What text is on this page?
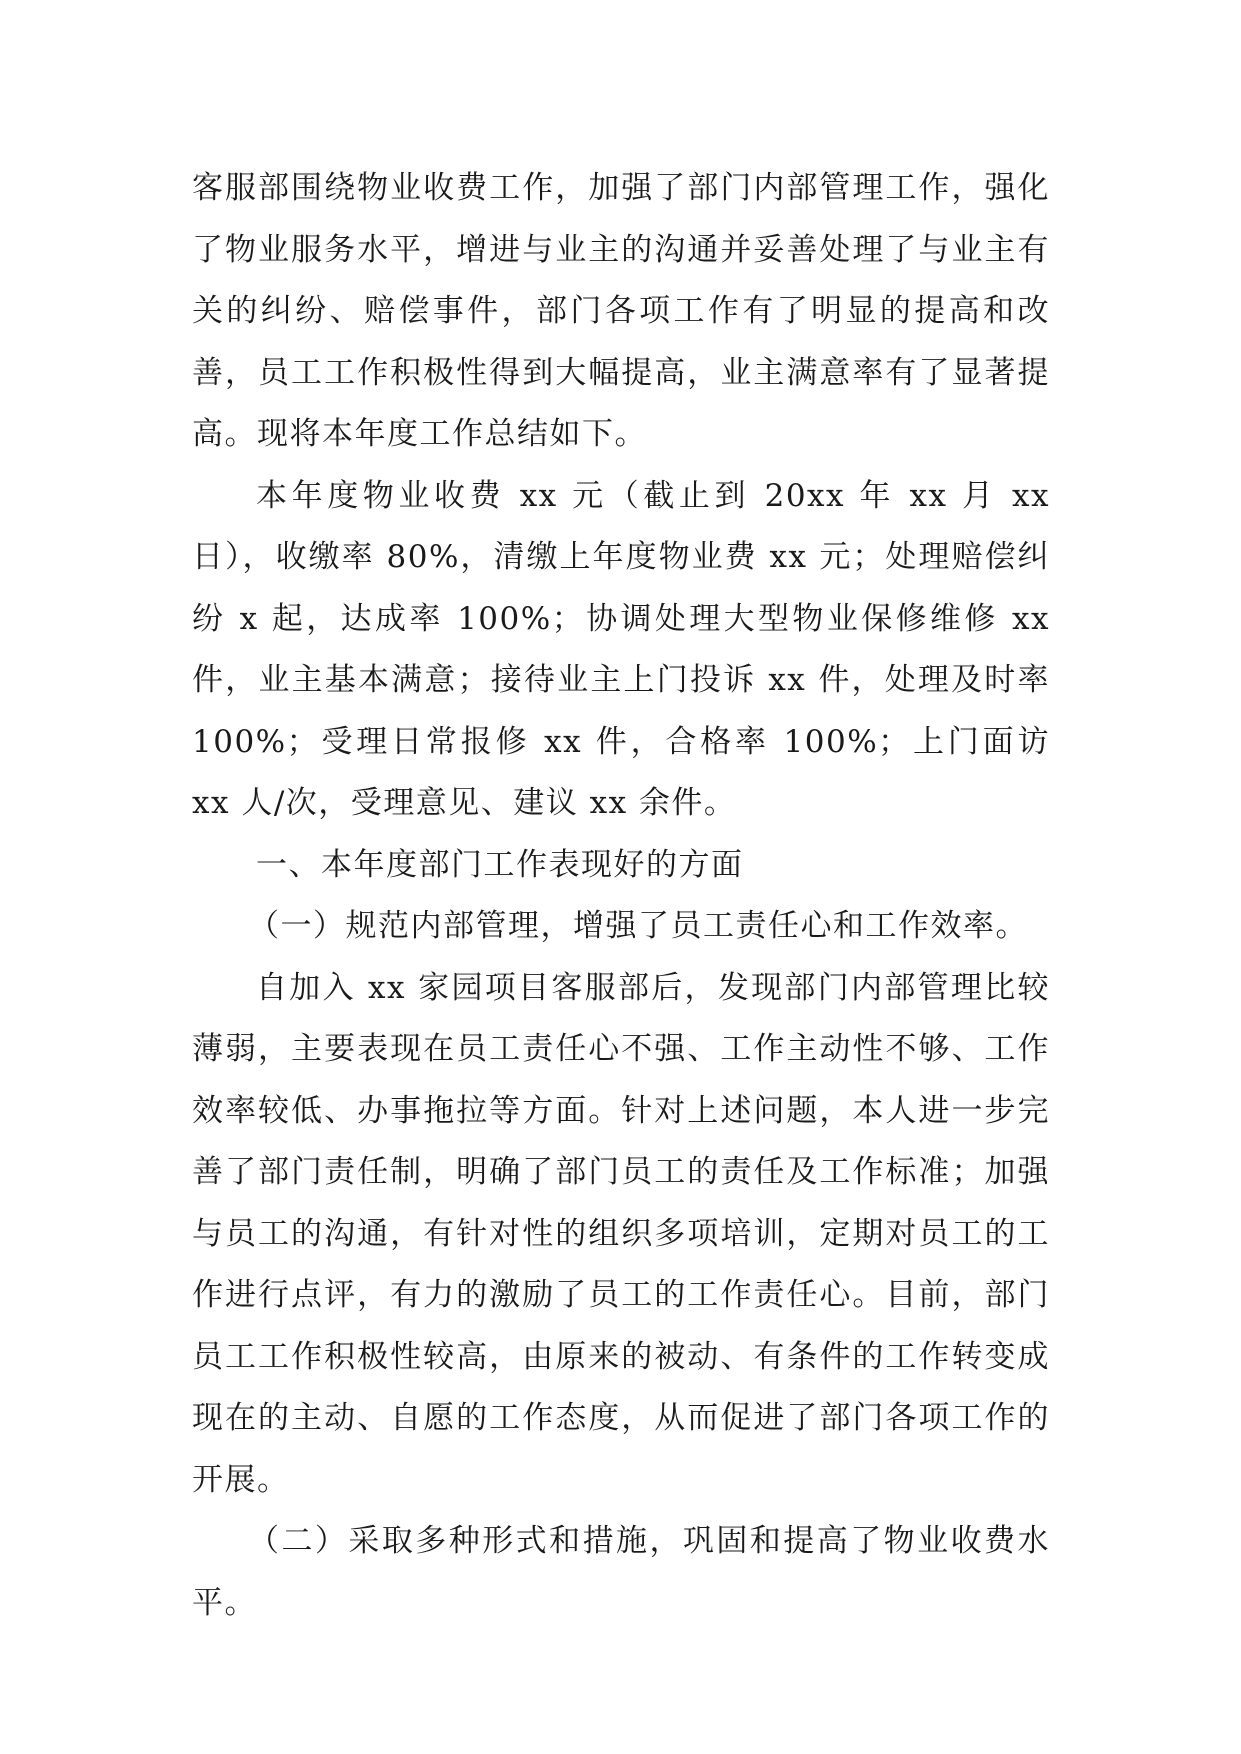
客服部围绕物业收费工作，加强了部门内部管理工作，强化了物业服务水平，增进与业主的沟通并妥善处理了与业主有关的纠纷、赔偿事件，部门各项工作有了明显的提高和改善，员工工作积极性得到大幅提高，业主满意率有了显著提高。现将本年度工作总结如下。

本年度物业收费 xx 元（截止到 20xx 年 xx 月 xx 日），收缴率 80%，清缴上年度物业费 xx 元；处理赔偿纠纷 x 起，达成率 100%；协调处理大型物业保修维修 xx 件，业主基本满意；接待业主上门投诉 xx 件，处理及时率 100%；受理日常报修 xx 件，合格率 100%；上门面访 xx 人/次，受理意见、建议 xx 余件。

一、本年度部门工作表现好的方面

（一）规范内部管理，增强了员工责任心和工作效率。

自加入 xx 家园项目客服部后，发现部门内部管理比较薄弱，主要表现在员工责任心不强、工作主动性不够、工作效率较低、办事拖拉等方面。针对上述问题，本人进一步完善了部门责任制，明确了部门员工的责任及工作标准；加强与员工的沟通，有针对性的组织多项培训，定期对员工的工作进行点评，有力的激励了员工的工作责任心。目前，部门员工工作积极性较高，由原来的被动、有条件的工作转变成现在的主动、自愿的工作态度，从而促进了部门各项工作的开展。

（二）采取多种形式和措施，巩固和提高了物业收费水平。
